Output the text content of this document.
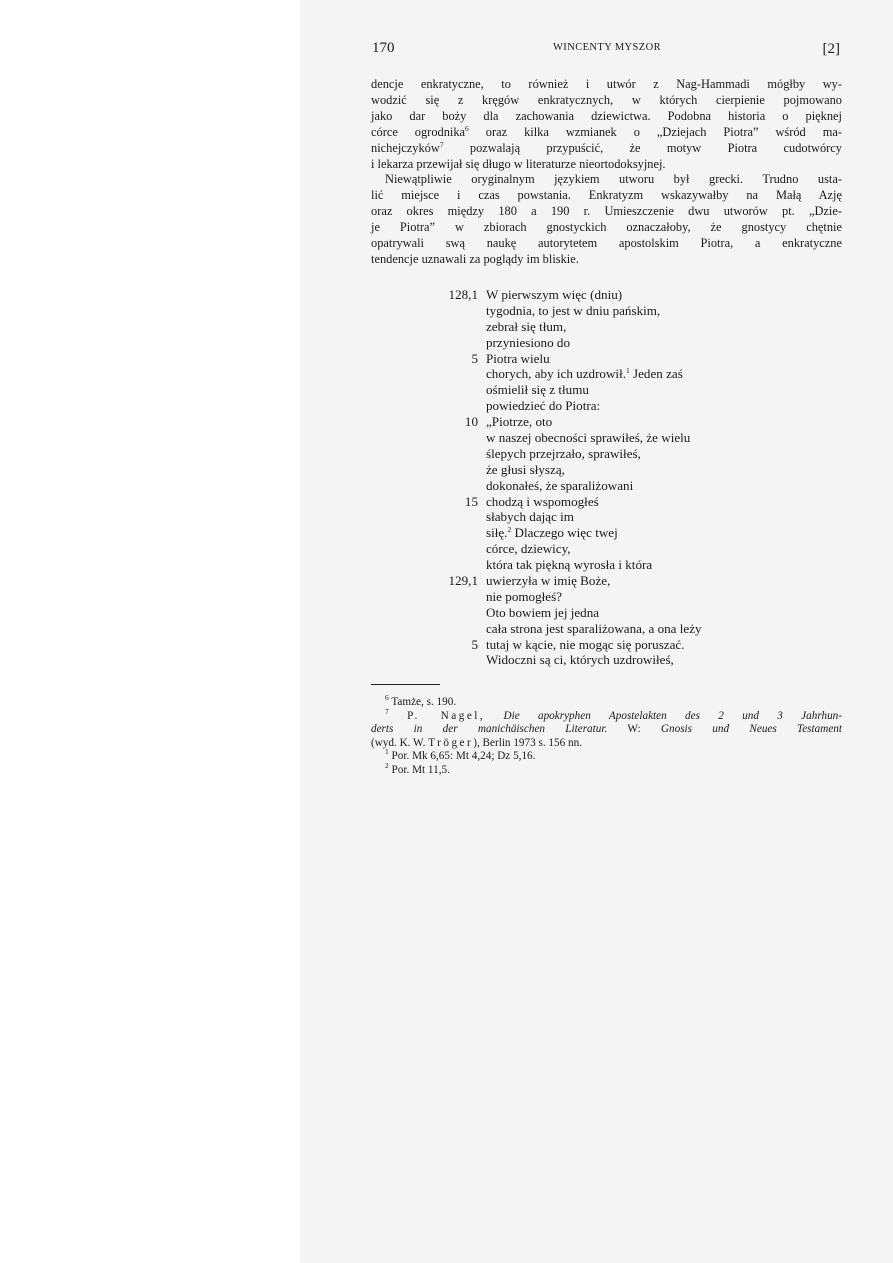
170	WINCENTY MYSZOR	[2]
dencje enkratyczne, to również i utwór z Nag-Hammadi mógłby wy-
wodzić się z kręgów enkratycznych, w których cierpienie pojmowano
jako dar boży dla zachowania dziewictwa. Podobna historia o pięknej
córce ogrodnika$^6$ oraz kilka wzmianek o „Dziejach Piotra” wśród ma-
nichejczyków$^7$ pozwalają przypuścić, że motyw Piotra cudotwórcy
i lekarza przewijał się długo w literaturze nieortodoksyjnej.
Niewątpliwie oryginalnym językiem utworu był grecki. Trudno usta-
lić miejsce i czas powstania. Enkratyzm wskazywałby na Małą Azję
oraz okres między 180 a 190 r. Umieszczenie dwu utworów pt. „Dzie-
je Piotra” w zbiorach gnostyckich oznaczałoby, że gnostycy chętnie
opatrywali swą naukę autorytetem apostolskim Piotra, a enkratyczne
tendencje uznawali za poglądy im bliskie.
128,1 W pierwszym więc (dniu)
tygodnia, to jest w dniu pańskim,
zebrał się tłum,
przyniesiono do
5 Piotra wielu
chorych, aby ich uzdrowił.$^1$ Jeden zaś
ośmielił się z tłumu
powiedzieć do Piotra:
10 „Piotrze, oto
w naszej obecności sprawiłeś, że wielu
ślepych przejrzało, sprawiłeś,
że głusi słyszą,
dokonałeś, że sparaliżowani
15 chodzą i wspomogłeś
słabych dając im
siłę.$^2$ Dlaczego więc twej
córce, dziewicy,
która tak piękną wyrosła i która
129,1 uwierzyła w imię Boże,
nie pomogłeś?
Oto bowiem jej jedna
cała strona jest sparaliżowana, a ona leży
5 tutaj w kącie, nie mogąc się poruszać.
Widoczni są ci, których uzdrowiłeś,
$^6$ Tamże, s. 190.
$^7$ P. Nagel, Die apokryphen Apostelakten des 2 und 3 Jahrhun-
derts in der manichäischen Literatur. W: Gnosis und Neues Testament
(wyd. K. W. Tröger), Berlin 1973 s. 156 nn.
$^1$ Por. Mk 6,65: Mt 4,24; Dz 5,16.
$^2$ Por. Mt 11,5.
